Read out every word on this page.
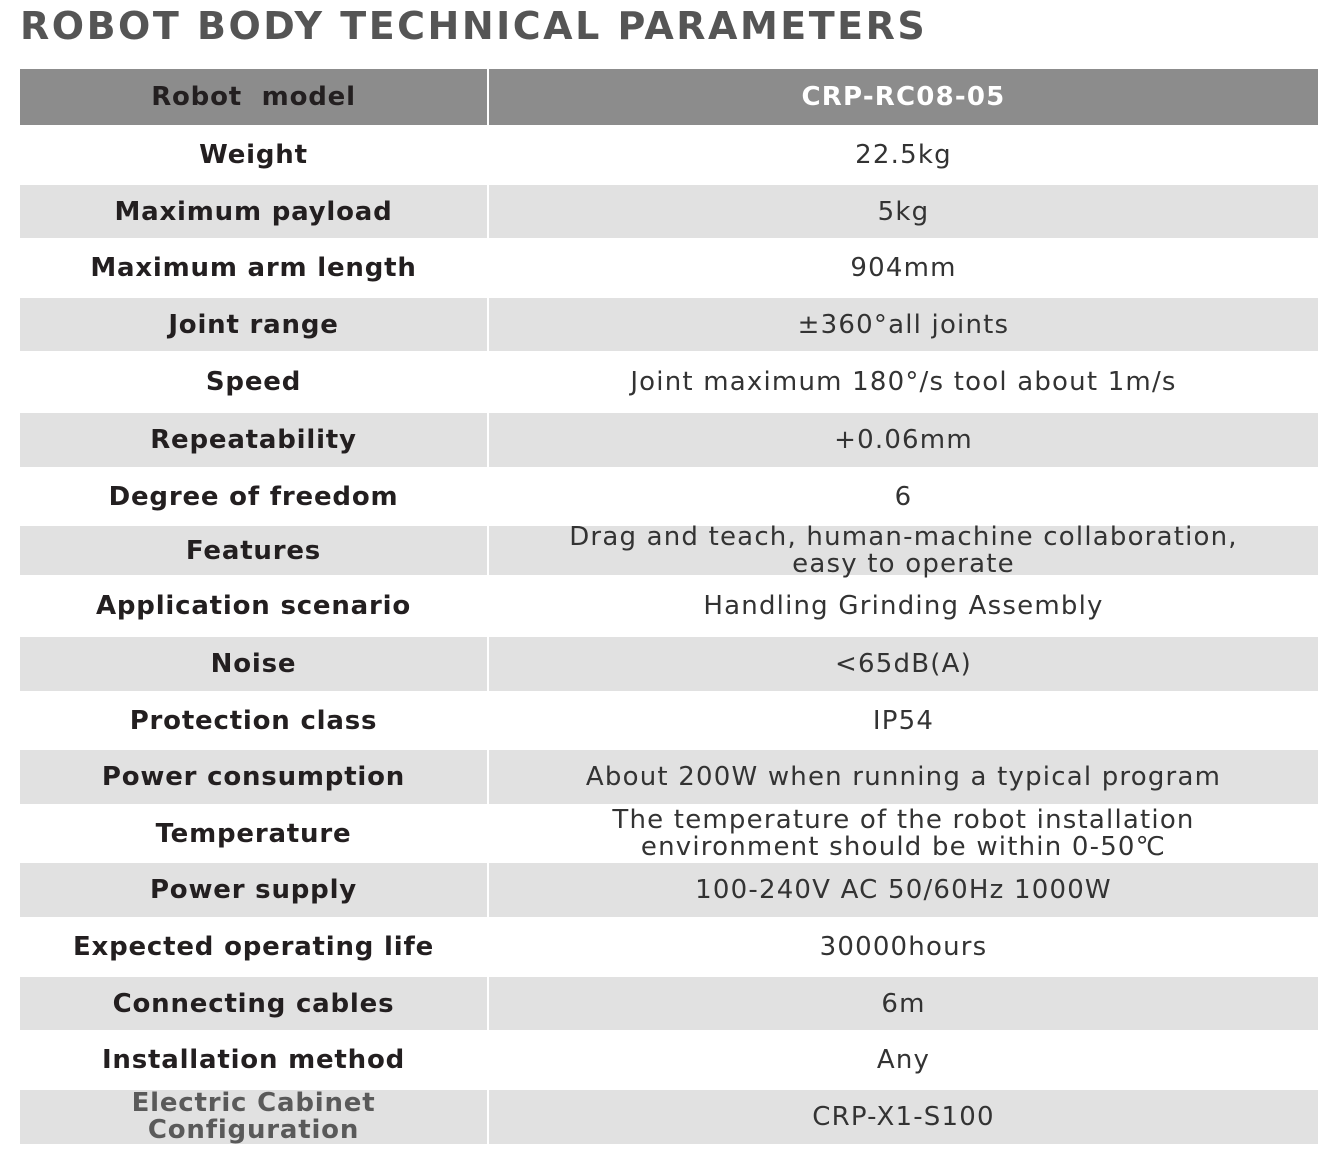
ROBOT BODY TECHNICAL PARAMETERS
Robot  model	CRP-RC08-05
Weight	22.5kg
Maximum payload	5kg
Maximum arm length	904mm
Joint range	±360°all joints
Speed	Joint maximum 180°/s tool about 1m/s
Repeatability	+0.06mm
Degree of freedom	6
Features	Drag and teach, human-machine collaboration,
easy to operate
Application scenario	Handling Grinding Assembly
Noise	<65dB(A)
Protection class	IP54
Power consumption	About 200W when running a typical program
Temperature	The temperature of the robot installation
environment should be within 0-50℃
Power supply	100-240V AC 50/60Hz 1000W
Expected operating life	30000hours
Connecting cables	6m
Installation method	Any
Electric Cabinet
Configuration	CRP-X1-S100
